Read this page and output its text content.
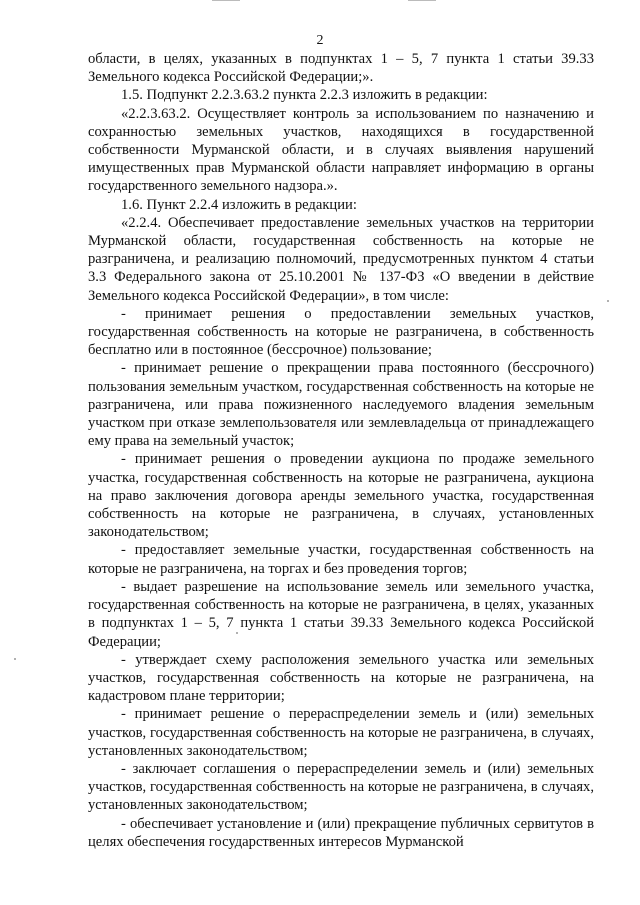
2

области, в целях, указанных в подпунктах 1 – 5, 7 пункта 1 статьи 39.33 Земельного кодекса Российской Федерации;».

1.5. Подпункт 2.2.3.63.2 пункта 2.2.3 изложить в редакции:

«2.2.3.63.2. Осуществляет контроль за использованием по назначению и сохранностью земельных участков, находящихся в государственной собственности Мурманской области, и в случаях выявления нарушений имущественных прав Мурманской области направляет информацию в органы государственного земельного надзора.».

1.6. Пункт 2.2.4 изложить в редакции:

«2.2.4. Обеспечивает предоставление земельных участков на территории Мурманской области, государственная собственность на которые не разграничена, и реализацию полномочий, предусмотренных пунктом 4 статьи 3.3 Федерального закона от 25.10.2001 № 137-ФЗ «О введении в действие Земельного кодекса Российской Федерации», в том числе:

- принимает решения о предоставлении земельных участков, государственная собственность на которые не разграничена, в собственность бесплатно или в постоянное (бессрочное) пользование;

- принимает решение о прекращении права постоянного (бессрочного) пользования земельным участком, государственная собственность на которые не разграничена, или права пожизненного наследуемого владения земельным участком при отказе землепользователя или землевладельца от принадлежащего ему права на земельный участок;

- принимает решения о проведении аукциона по продаже земельного участка, государственная собственность на которые не разграничена, аукциона на право заключения договора аренды земельного участка, государственная собственность на которые не разграничена, в случаях, установленных законодательством;

- предоставляет земельные участки, государственная собственность на которые не разграничена, на торгах и без проведения торгов;

- выдает разрешение на использование земель или земельного участка, государственная собственность на которые не разграничена, в целях, указанных в подпунктах 1 – 5, 7 пункта 1 статьи 39.33 Земельного кодекса Российской Федерации;

- утверждает схему расположения земельного участка или земельных участков, государственная собственность на которые не разграничена, на кадастровом плане территории;

- принимает решение о перераспределении земель и (или) земельных участков, государственная собственность на которые не разграничена, в случаях, установленных законодательством;

- заключает соглашения о перераспределении земель и (или) земельных участков, государственная собственность на которые не разграничена, в случаях, установленных законодательством;

- обеспечивает установление и (или) прекращение публичных сервитутов в целях обеспечения государственных интересов Мурманской
